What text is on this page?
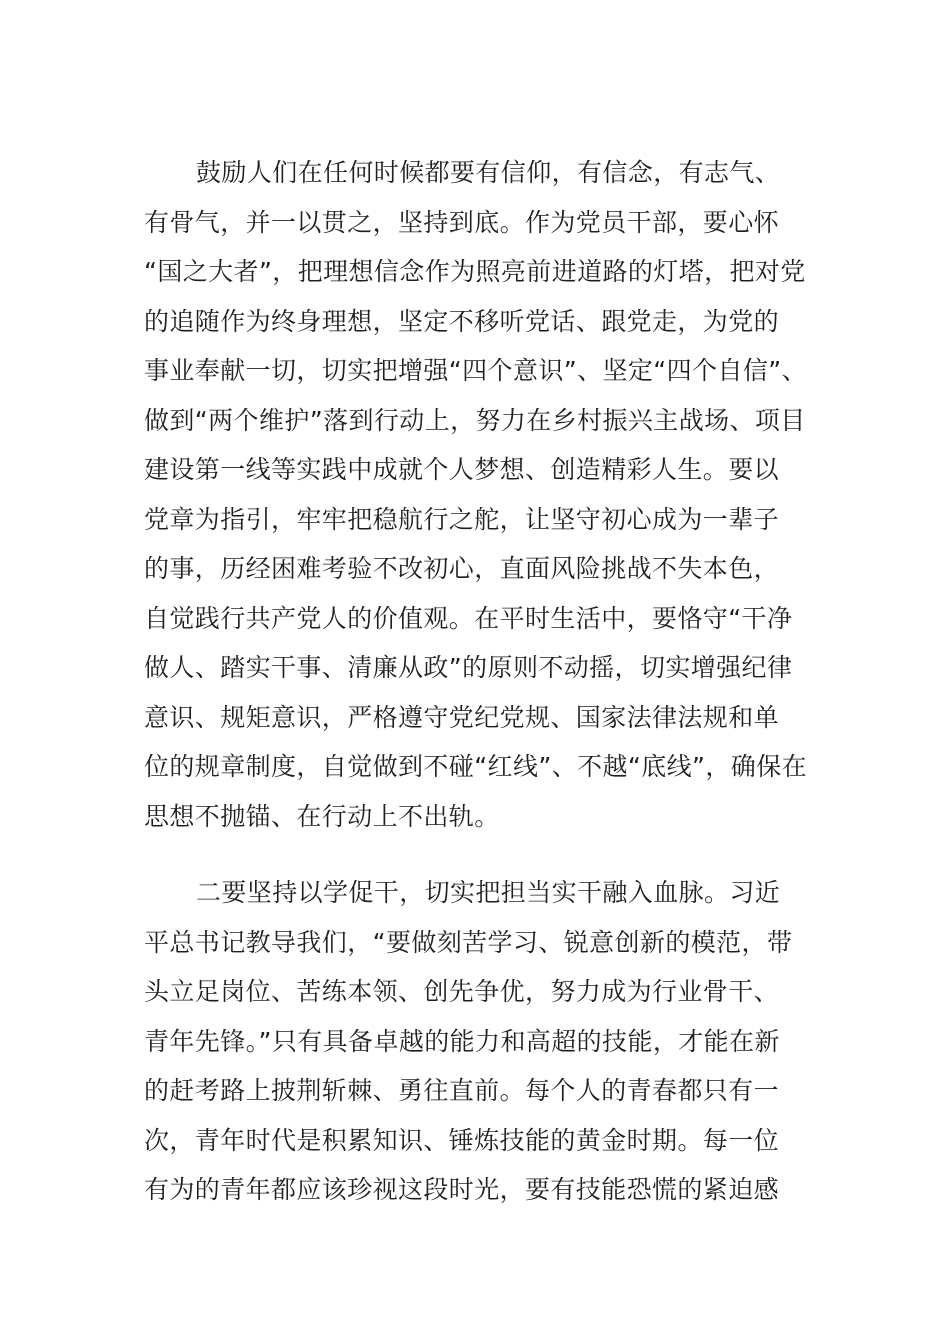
鼓励人们在任何时候都要有信仰，有信念，有志气、
有骨气，并一以贯之，坚持到底。作为党员干部，要心怀
“国之大者”，把理想信念作为照亮前进道路的灯塔，把对党
的追随作为终身理想，坚定不移听党话、跟党走，为党的
事业奉献一切，切实把增强“四个意识”、坚定“四个自信”、
做到“两个维护”落到行动上，努力在乡村振兴主战场、项目
建设第一线等实践中成就个人梦想、创造精彩人生。要以
党章为指引，牢牢把稳航行之舵，让坚守初心成为一辈子
的事，历经困难考验不改初心，直面风险挑战不失本色，
自觉践行共产党人的价值观。在平时生活中，要恪守“干净
做人、踏实干事、清廉从政”的原则不动摇，切实增强纪律
意识、规矩意识，严格遵守党纪党规、国家法律法规和单
位的规章制度，自觉做到不碰“红线”、不越“底线”，确保在
思想不抛锚、在行动上不出轨。
二要坚持以学促干，切实把担当实干融入血脉。习近
平总书记教导我们，“要做刻苦学习、锐意创新的模范，带
头立足岗位、苦练本领、创先争优，努力成为行业骨干、
青年先锋。”只有具备卓越的能力和高超的技能，才能在新
的赶考路上披荆斩棘、勇往直前。每个人的青春都只有一
次，青年时代是积累知识、锤炼技能的黄金时期。每一位
有为的青年都应该珍视这段时光，要有技能恐慌的紧迫感
